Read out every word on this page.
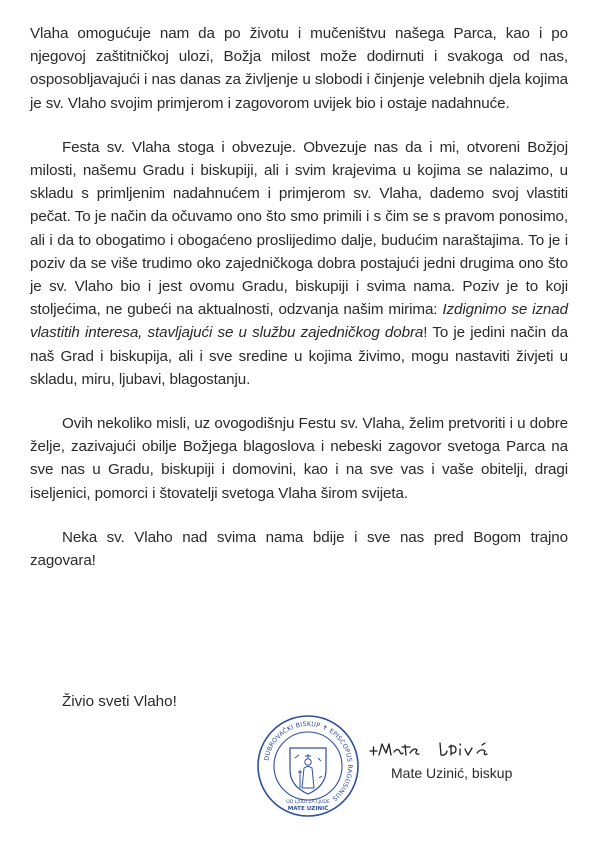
Vlaha omogućuje nam da po životu i mučeništvu našega Parca, kao i po njegovoj zaštitničkoj ulozi, Božja milost može dodirnuti i svakoga od nas, osposobljavajući i nas danas za življenje u slobodi i činjenje velebnih djela kojima je sv. Vlaho svojim primjerom i zagovorom uvijek bio i ostaje nadahnuće.

Festa sv. Vlaha stoga i obvezuje. Obvezuje nas da i mi, otvoreni Božjoj milosti, našemu Gradu i biskupiji, ali i svim krajevima u kojima se nalazimo, u skladu s primljenim nadahnućem i primjerom sv. Vlaha, dademo svoj vlastiti pečat. To je način da očuvamo ono što smo primili i s čim se s pravom ponosimo, ali i da to obogatimo i obogaćeno proslijedimo dalje, budućim naraštajima. To je i poziv da se više trudimo oko zajedničkoga dobra postajući jedni drugima ono što je sv. Vlaho bio i jest ovomu Gradu, biskupiji i svima nama. Poziv je to koji stoljećima, ne gubeći na aktualnosti, odzvanja našim mirima: Izdignimo se iznad vlastitih interesa, stavljajući se u službu zajedničkog dobra! To je jedini način da naš Grad i biskupija, ali i sve sredine u kojima živimo, mogu nastaviti živjeti u skladu, miru, ljubavi, blagostanju.

Ovih nekoliko misli, uz ovogodišnju Festu sv. Vlaha, želim pretvoriti i u dobre želje, zazivajući obilje Božjega blagoslova i nebeski zagovor svetoga Parca na sve nas u Gradu, biskupiji i domovini, kao i na sve vas i vaše obitelji, dragi iseljenici, pomorci i štovatelji svetoga Vlaha širom svijeta.

Neka sv. Vlaho nad svima nama bdije i sve nas pred Bogom trajno zagovara!

Živio sveti Vlaho!
DUBROVAČKI BISKUP ✝ EPISCOPUS RAGUSINUS
OD LJUDI ZA LJUDE
MATE UZINIĆ
Mate Uzinić, biskup
